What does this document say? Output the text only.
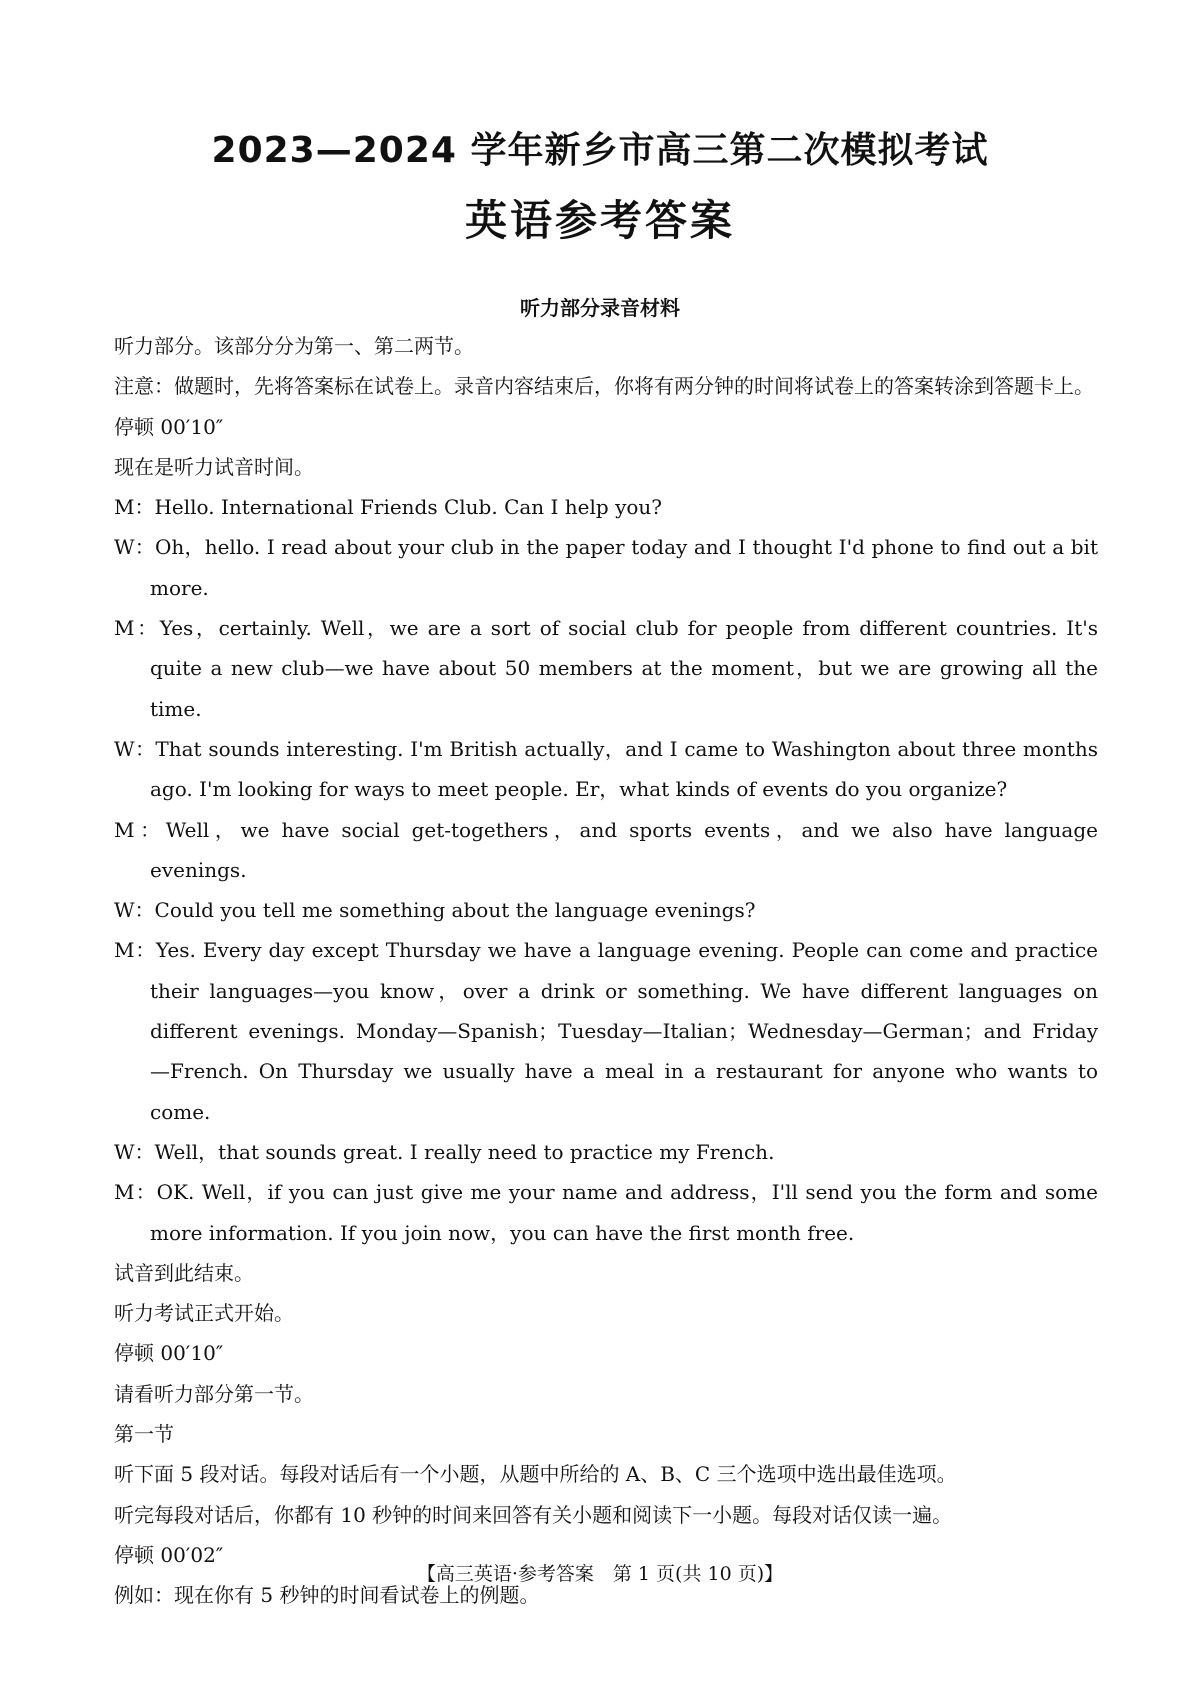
2023—2024 学年新乡市高三第二次模拟考试
英语参考答案
听力部分录音材料

听力部分。该部分分为第一、第二两节。

注意：做题时，先将答案标在试卷上。录音内容结束后，你将有两分钟的时间将试卷上的答案转涂到答题卡上。

停顿 00′10″

现在是听力试音时间。

M：Hello. International Friends Club. Can I help you?

W：Oh，hello. I read about your club in the paper today and I thought I'd phone to find out a bit more.

M：Yes，certainly. Well，we are a sort of social club for people from different countries. It's quite a new club—we have about 50 members at the moment，but we are growing all the time.

W：That sounds interesting. I'm British actually，and I came to Washington about three months ago. I'm looking for ways to meet people. Er，what kinds of events do you organize?

M：Well，we have social get-togethers，and sports events，and we also have language evenings.

W：Could you tell me something about the language evenings?

M：Yes. Every day except Thursday we have a language evening. People can come and practice their languages—you know，over a drink or something. We have different languages on different evenings. Monday—Spanish；Tuesday—Italian；Wednesday—German；and Friday—French. On Thursday we usually have a meal in a restaurant for anyone who wants to come.

W：Well，that sounds great. I really need to practice my French.

M：OK. Well，if you can just give me your name and address，I'll send you the form and some more information. If you join now，you can have the first month free.

试音到此结束。

听力考试正式开始。

停顿 00′10″

请看听力部分第一节。

第一节

听下面 5 段对话。每段对话后有一个小题，从题中所给的 A、B、C 三个选项中选出最佳选项。

听完每段对话后，你都有 10 秒钟的时间来回答有关小题和阅读下一小题。每段对话仅读一遍。

停顿 00′02″

例如：现在你有 5 秒钟的时间看试卷上的例题。

【高三英语·参考答案　第 1 页(共 10 页)】
